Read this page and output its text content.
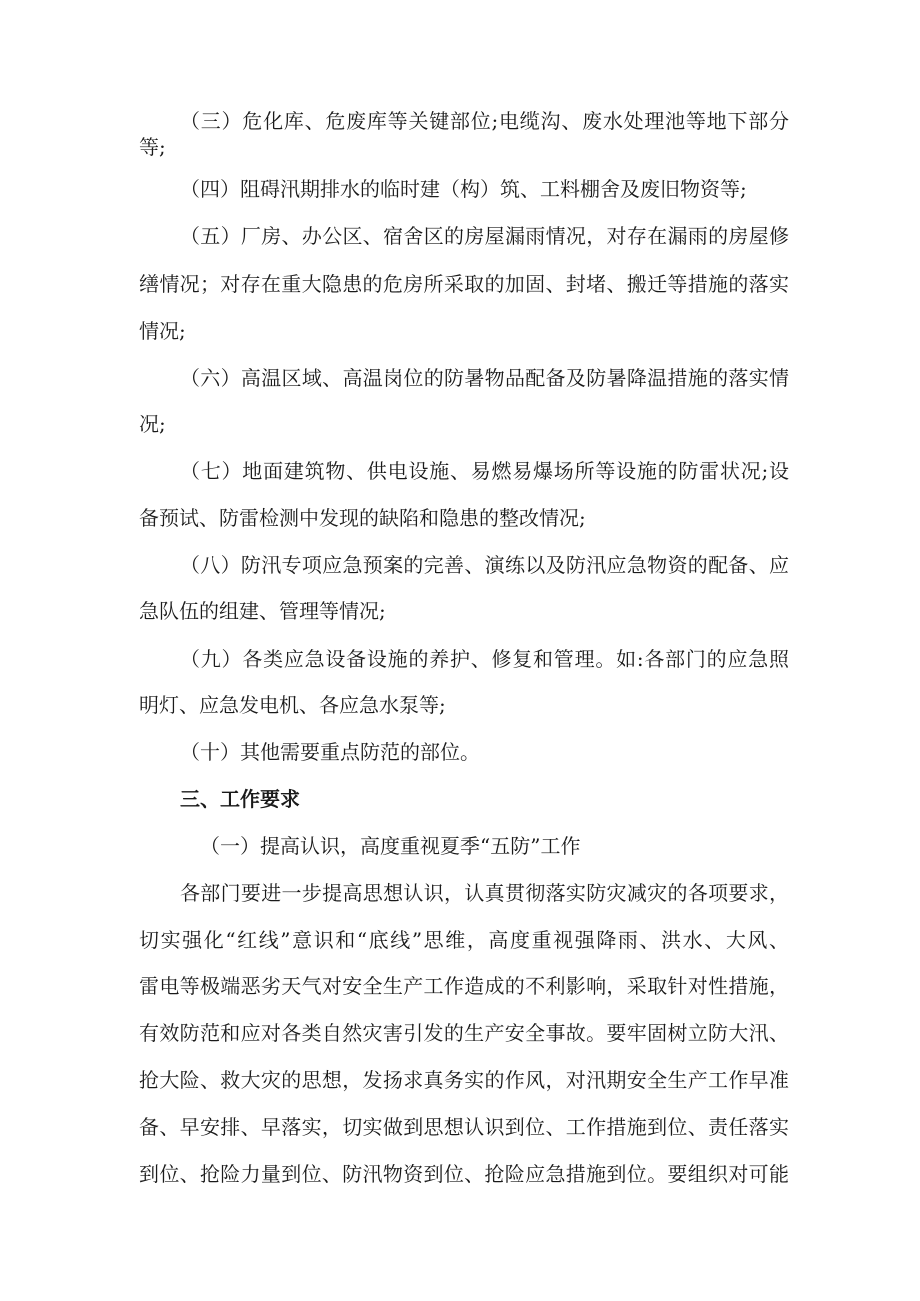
（三）危化库、危废库等关键部位;电缆沟、废水处理池等地下部分
等;
（四）阻碍汛期排水的临时建（构）筑、工料棚舍及废旧物资等;
（五）厂房、办公区、宿舍区的房屋漏雨情况，对存在漏雨的房屋修
缮情况；对存在重大隐患的危房所采取的加固、封堵、搬迁等措施的落实
情况;
（六）高温区域、高温岗位的防暑物品配备及防暑降温措施的落实情
况;
（七）地面建筑物、供电设施、易燃易爆场所等设施的防雷状况;设
备预试、防雷检测中发现的缺陷和隐患的整改情况;
（八）防汛专项应急预案的完善、演练以及防汛应急物资的配备、应
急队伍的组建、管理等情况;
（九）各类应急设备设施的养护、修复和管理。如:各部门的应急照
明灯、应急发电机、各应急水泵等;
（十）其他需要重点防范的部位。
三、工作要求
（一）提高认识，高度重视夏季“五防”工作
各部门要进一步提高思想认识，认真贯彻落实防灾减灾的各项要求，
切实强化“红线”意识和“底线”思维，高度重视强降雨、洪水、大风、
雷电等极端恶劣天气对安全生产工作造成的不利影响，采取针对性措施，
有效防范和应对各类自然灾害引发的生产安全事故。要牢固树立防大汛、
抢大险、救大灾的思想，发扬求真务实的作风，对汛期安全生产工作早准
备、早安排、早落实，切实做到思想认识到位、工作措施到位、责任落实
到位、抢险力量到位、防汛物资到位、抢险应急措施到位。要组织对可能
